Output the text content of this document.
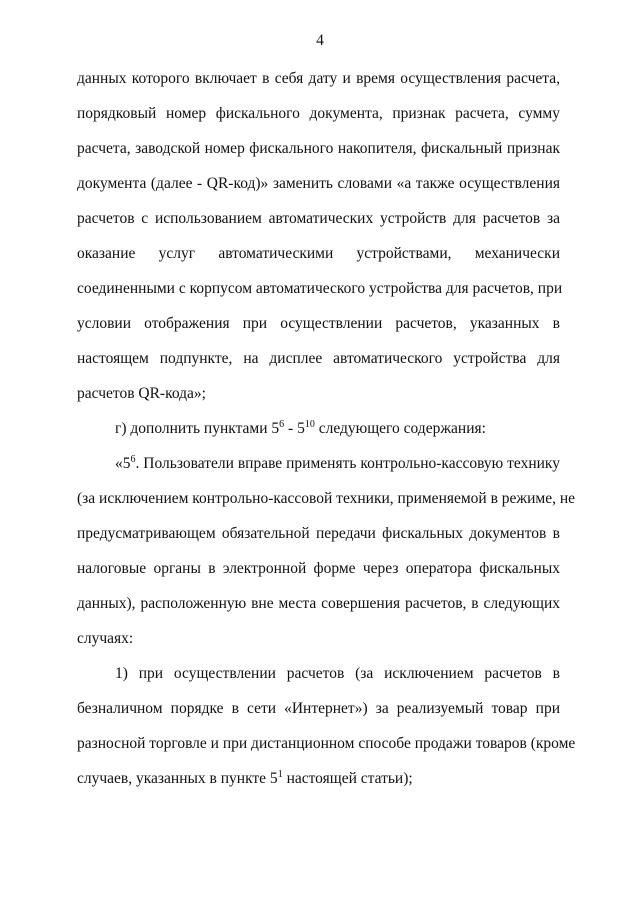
4
данных которого включает в себя дату и время осуществления расчета,
порядковый номер фискального документа, признак расчета, сумму
расчета, заводской номер фискального накопителя, фискальный признак
документа (далее - QR-код)» заменить словами «а также осуществления
расчетов с использованием автоматических устройств для расчетов за
оказание услуг автоматическими устройствами, механически
соединенными с корпусом автоматического устройства для расчетов, при
условии отображения при осуществлении расчетов, указанных в
настоящем подпункте, на дисплее автоматического устройства для
расчетов QR-кода»;
г) дополнить пунктами $5^6 - 5^{10}$ следующего содержания:
«$5^6$. Пользователи вправе применять контрольно-кассовую технику
(за исключением контрольно-кассовой техники, применяемой в режиме, не
предусматривающем обязательной передачи фискальных документов в
налоговые органы в электронной форме через оператора фискальных
данных), расположенную вне места совершения расчетов, в следующих
случаях:
1) при осуществлении расчетов (за исключением расчетов в
безналичном порядке в сети «Интернет») за реализуемый товар при
разносной торговле и при дистанционном способе продажи товаров (кроме
случаев, указанных в пункте $5^1$ настоящей статьи);
